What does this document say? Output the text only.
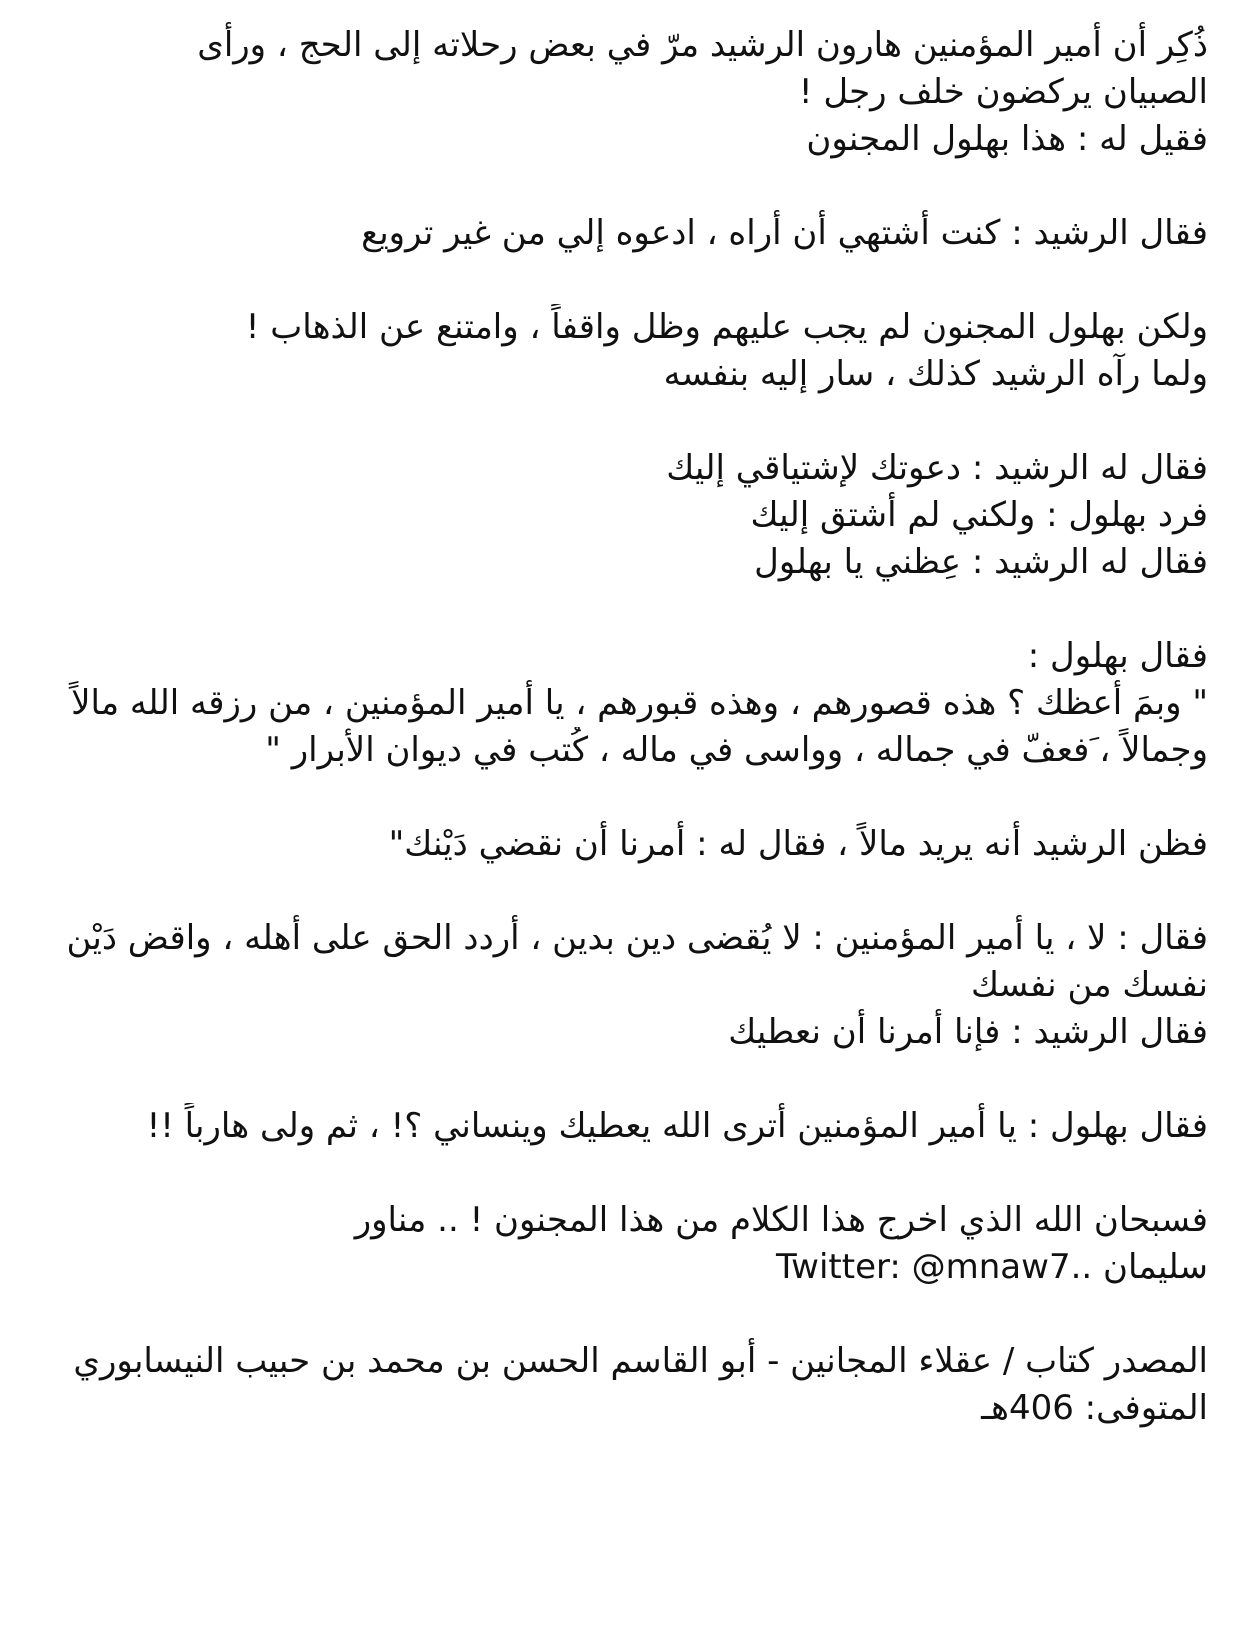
ذُكِر أن أمير المؤمنين هارون الرشيد مرّ في بعض رحلاته إلى الحج ، ورأى
الصبيان يركضون خلف رجل !
فقيل له : هذا بهلول المجنون
فقال الرشيد : كنت أشتهي أن أراه ، ادعوه إلي من غير ترويع
ولكن بهلول المجنون لم يجب عليهم وظل واقفاً ، وامتنع عن الذهاب !
ولما رآه الرشيد كذلك ، سار إليه بنفسه
فقال له الرشيد : دعوتك لإشتياقي إليك
فرد بهلول : ولكني لم أشتق إليك
فقال له الرشيد : عِظني يا بهلول
فقال بهلول :
" وبمَ أعظك ؟ هذه قصورهم ، وهذه قبورهم ، يا أمير المؤمنين ، من رزقه الله مالاً
وجمالاً ، َفعفّ في جماله ، وواسى في ماله ، كُتب في ديوان الأبرار "
فظن الرشيد أنه يريد مالاً ، فقال له : أمرنا أن نقضي دَيْنك"
فقال : لا ، يا أمير المؤمنين : لا يُقضى دين بدين ، أردد الحق على أهله ، واقض دَيْن
نفسك من نفسك
فقال الرشيد : فإنا أمرنا أن نعطيك
فقال بهلول : يا أمير المؤمنين أترى الله يعطيك وينساني ؟! ، ثم ولى هارباً !!
فسبحان الله الذي اخرج هذا الكلام من هذا المجنون ! .. مناور
سليمان ..Twitter: @mnaw7
المصدر كتاب / عقلاء المجانين - أبو القاسم الحسن بن محمد بن حبيب النيسابوري
المتوفى: 406هـ
